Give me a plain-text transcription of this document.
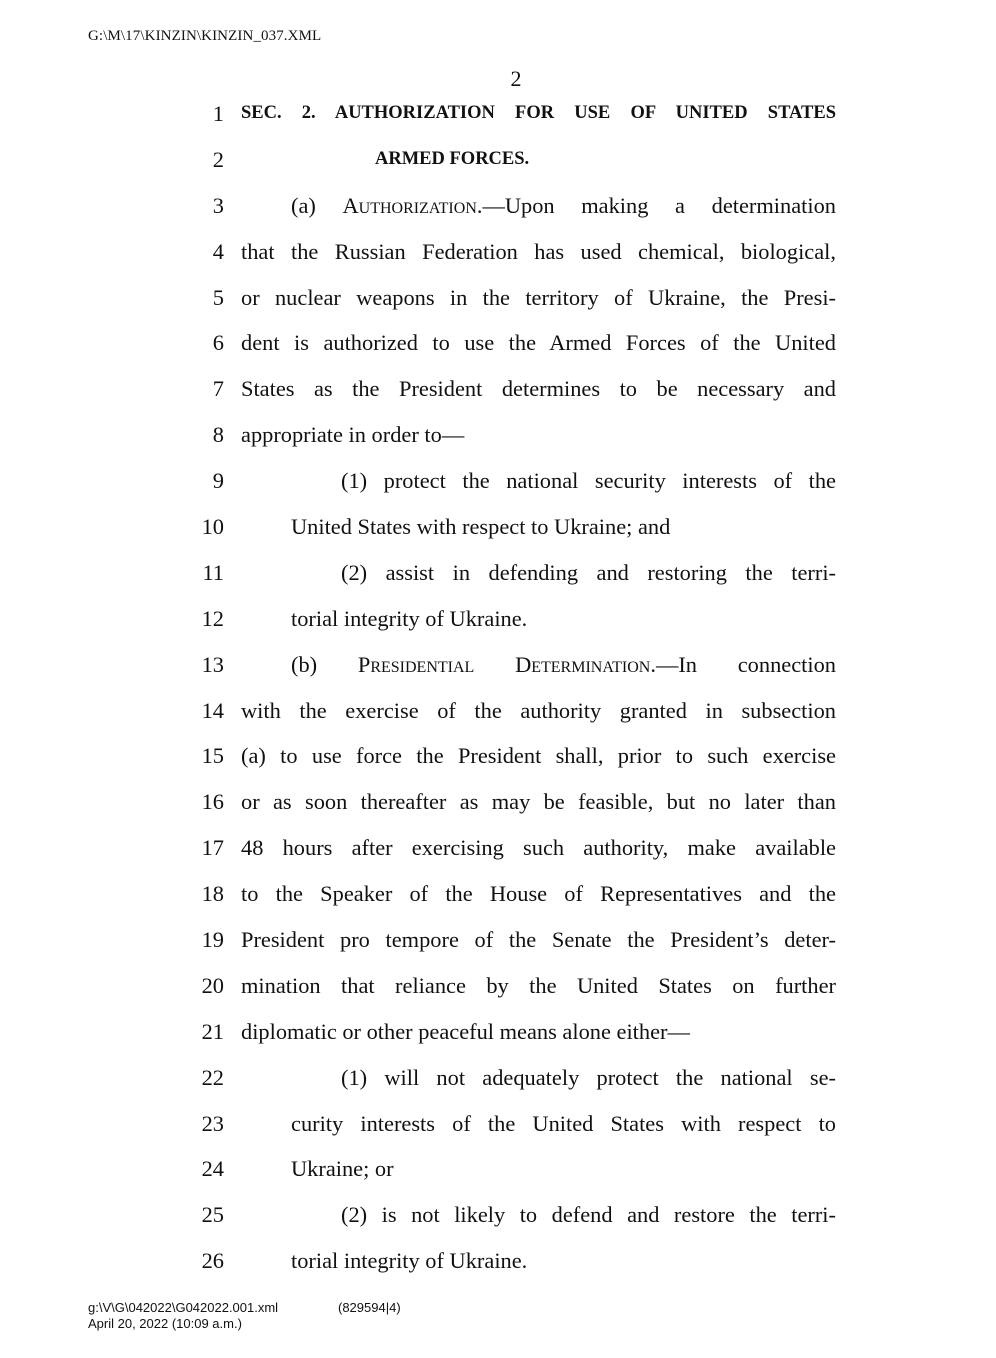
G:\M\17\KINZIN\KINZIN_037.XML
2
1 SEC. 2. AUTHORIZATION FOR USE OF UNITED STATES
2	ARMED FORCES.
3	(a) Authorization.—Upon making a determination
4 that the Russian Federation has used chemical, biological,
5 or nuclear weapons in the territory of Ukraine, the Presi-
6 dent is authorized to use the Armed Forces of the United
7 States as the President determines to be necessary and
8 appropriate in order to—
9	(1) protect the national security interests of the
10	United States with respect to Ukraine; and
11	(2) assist in defending and restoring the terri-
12	torial integrity of Ukraine.
13	(b) Presidential Determination.—In connection
14 with the exercise of the authority granted in subsection
15 (a) to use force the President shall, prior to such exercise
16 or as soon thereafter as may be feasible, but no later than
17 48 hours after exercising such authority, make available
18 to the Speaker of the House of Representatives and the
19 President pro tempore of the Senate the President’s deter-
20 mination that reliance by the United States on further
21 diplomatic or other peaceful means alone either—
22	(1) will not adequately protect the national se-
23	curity interests of the United States with respect to
24	Ukraine; or
25	(2) is not likely to defend and restore the terri-
26	torial integrity of Ukraine.
g:\V\G\042022\G042022.001.xml	(829594|4)
April 20, 2022 (10:09 a.m.)
